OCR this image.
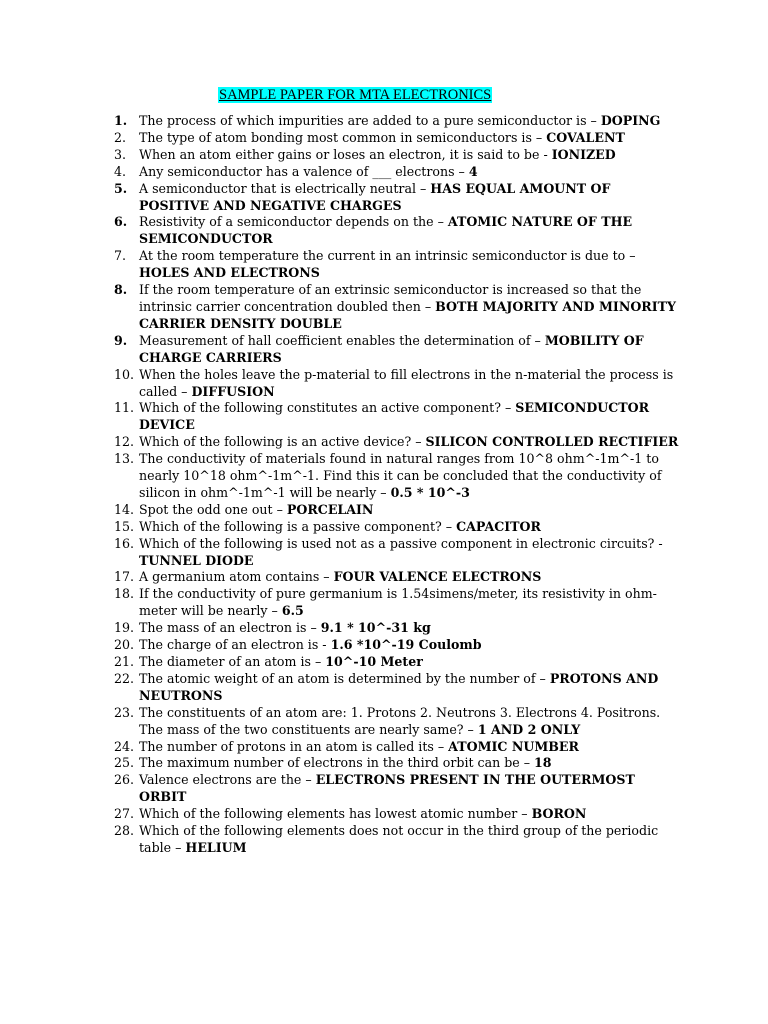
SAMPLE PAPER FOR MTA ELECTRONICS
1. The process of which impurities are added to a pure semiconductor is – DOPING
2. The type of atom bonding most common in semiconductors is – COVALENT
3. When an atom either gains or loses an electron, it is said to be - IONIZED
4. Any semiconductor has a valence of ___ electrons – 4
5. A semiconductor that is electrically neutral – HAS EQUAL AMOUNT OF POSITIVE AND NEGATIVE CHARGES
6. Resistivity of a semiconductor depends on the – ATOMIC NATURE OF THE SEMICONDUCTOR
7. At the room temperature the current in an intrinsic semiconductor is due to – HOLES AND ELECTRONS
8. If the room temperature of an extrinsic semiconductor is increased so that the intrinsic carrier concentration doubled then – BOTH MAJORITY AND MINORITY CARRIER DENSITY DOUBLE
9. Measurement of hall coefficient enables the determination of – MOBILITY OF CHARGE CARRIERS
10. When the holes leave the p-material to fill electrons in the n-material the process is called – DIFFUSION
11. Which of the following constitutes an active component? – SEMICONDUCTOR DEVICE
12. Which of the following is an active device? – SILICON CONTROLLED RECTIFIER
13. The conductivity of materials found in natural ranges from 10^8 ohm^-1m^-1 to nearly 10^18 ohm^-1m^-1. Find this it can be concluded that the conductivity of silicon in ohm^-1m^-1 will be nearly – 0.5 * 10^-3
14. Spot the odd one out – PORCELAIN
15. Which of the following is a passive component? – CAPACITOR
16. Which of the following is used not as a passive component in electronic circuits? - TUNNEL DIODE
17. A germanium atom contains – FOUR VALENCE ELECTRONS
18. If the conductivity of pure germanium is 1.54simens/meter, its resistivity in ohm-meter will be nearly – 6.5
19. The mass of an electron is – 9.1 * 10^-31 kg
20. The charge of an electron is - 1.6 *10^-19 Coulomb
21. The diameter of an atom is – 10^-10 Meter
22. The atomic weight of an atom is determined by the number of – PROTONS AND NEUTRONS
23. The constituents of an atom are: 1. Protons 2. Neutrons 3. Electrons 4. Positrons. The mass of the two constituents are nearly same? – 1 AND 2 ONLY
24. The number of protons in an atom is called its – ATOMIC NUMBER
25. The maximum number of electrons in the third orbit can be – 18
26. Valence electrons are the – ELECTRONS PRESENT IN THE OUTERMOST ORBIT
27. Which of the following elements has lowest atomic number – BORON
28. Which of the following elements does not occur in the third group of the periodic table – HELIUM
